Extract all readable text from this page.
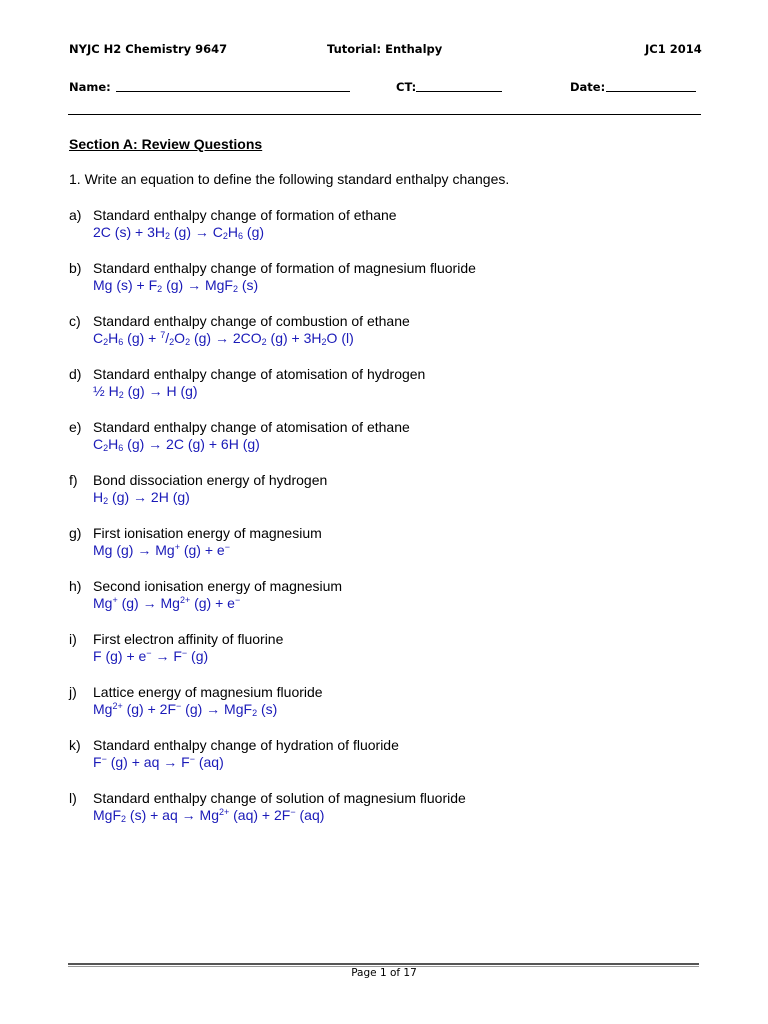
NYJC H2 Chemistry 9647	Tutorial: Enthalpy	JC1 2014
Name:	CT:	Date:
Section A: Review Questions
1. Write an equation to define the following standard enthalpy changes.
a) Standard enthalpy change of formation of ethane
2C $(s) + 3H_2$ $(g) \to C_2H_6$ (g)
b) Standard enthalpy change of formation of magnesium fluoride
Mg $(s) + F_2$ (g) → MgF$_2$ (s)
c) Standard enthalpy change of combustion of ethane
$C_2H_6$ $(g) + ^7/_2O_2$ $(g) \to 2CO_2$ $(g) + 3H_2O$ (l)
d) Standard enthalpy change of atomisation of hydrogen
½ $H_2$ (g) → H (g)
e) Standard enthalpy change of atomisation of ethane
$C_2H_6$ (g) → 2C (g) + 6H (g)
f) Bond dissociation energy of hydrogen
$H_2$ (g) → 2H (g)
g) First ionisation energy of magnesium
Mg (g) → Mg+ (g) + e−
h) Second ionisation energy of magnesium
Mg+ $(g) \to Mg^{2+}$ (g) + e−
i) First electron affinity of fluorine
F (g) + e− → F− (g)
j) Lattice energy of magnesium fluoride
$Mg^{2+}$ (g) + 2F− (g) → MgF$_2$ (s)
k) Standard enthalpy change of hydration of fluoride
F− (g) + aq → F− (aq)
l) Standard enthalpy change of solution of magnesium fluoride
MgF$_2$ (s) + aq → $Mg^{2+}$ (aq) + 2F− (aq)
Page 1 of 17
